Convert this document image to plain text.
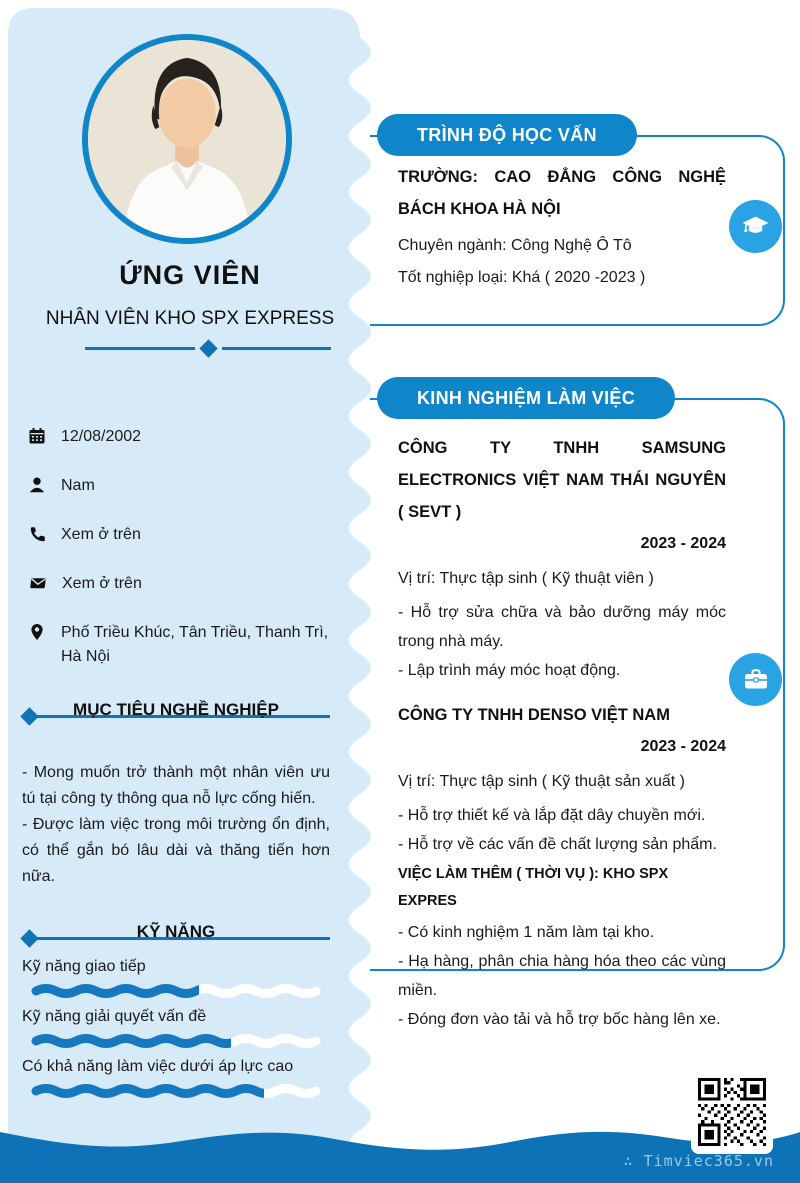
ỨNG VIÊN
NHÂN VIÊN KHO SPX EXPRESS
12/08/2002
Nam
Xem ở trên
Xem ở trên
Phố Triều Khúc, Tân Triều, Thanh Trì, Hà Nội
MỤC TIÊU NGHỀ NGHIỆP

- Mong muốn trở thành một nhân viên ưu tú tại công ty thông qua nỗ lực cống hiến.

- Được làm việc trong môi trường ổn định, có thể gắn bó lâu dài và thăng tiến hơn nữa.

KỸ NĂNG
Kỹ năng giao tiếp
Kỹ năng giải quyết vấn đề
Có khả năng làm việc dưới áp lực cao
TRÌNH ĐỘ HỌC VẤN

TRƯỜNG: CAO ĐẲNG CÔNG NGHỆ BÁCH KHOA HÀ NỘI

Chuyên ngành: Công Nghệ Ô Tô

Tốt nghiệp loại: Khá ( 2020 -2023 )

KINH NGHIỆM LÀM VIỆC

CÔNG TY TNHH SAMSUNG ELECTRONICS VIỆT NAM THÁI NGUYÊN ( SEVT )

2023 - 2024

Vị trí: Thực tập sinh ( Kỹ thuật viên )

- Hỗ trợ sửa chữa và bảo dưỡng máy móc trong nhà máy.

- Lập trình máy móc hoạt động.

CÔNG TY TNHH DENSO VIỆT NAM

2023 - 2024

Vị trí: Thực tập sinh ( Kỹ thuật sản xuất )

- Hỗ trợ thiết kế và lắp đặt dây chuyền mới.

- Hỗ trợ về các vấn đề chất lượng sản phẩm.

VIỆC LÀM THÊM ( THỜI VỤ ): KHO SPX EXPRES

- Có kinh nghiệm 1 năm làm tại kho.

- Hạ hàng, phân chia hàng hóa theo các vùng miền.

- Đóng đơn vào tải và hỗ trợ bốc hàng lên xe.

∴ Timviec365.vn
